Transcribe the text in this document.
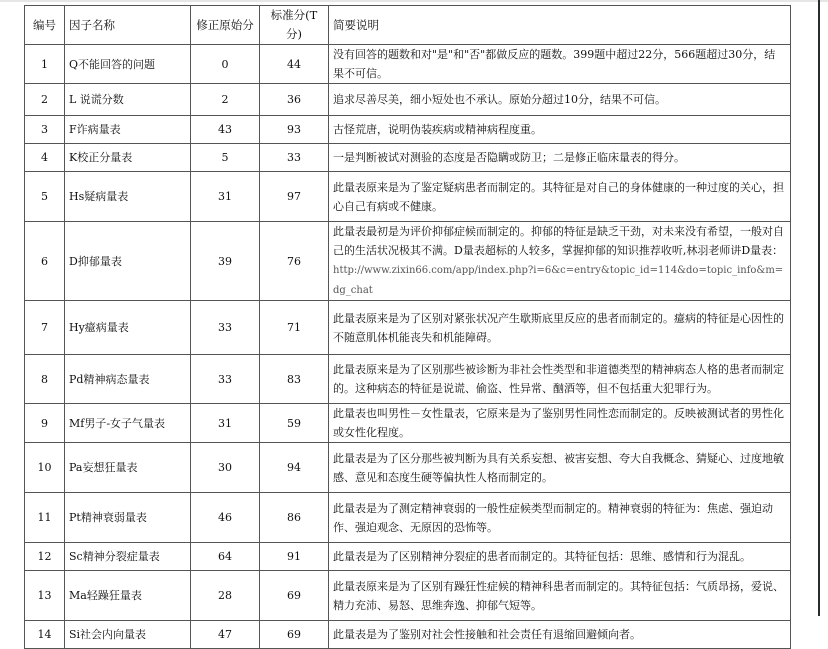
编号	因子名称	修正原始分	标准分(T分)	简要说明
1	Q不能回答的问题	0	44	没有回答的题数和对"是"和"否"都做反应的题数。399题中超过22分，566题超过30分，结果不可信。
2	L 说谎分数	2	36	追求尽善尽美，细小短处也不承认。原始分超过10分，结果不可信。
3	F诈病量表	43	93	古怪荒唐，说明伪装疾病或精神病程度重。
4	K校正分量表	5	33	一是判断被试对测验的态度是否隐瞒或防卫；二是修正临床量表的得分。
5	Hs疑病量表	31	97	此量表原来是为了鉴定疑病患者而制定的。其特征是对自己的身体健康的一种过度的关心，担心自己有病或不健康。
6	D抑郁量表	39	76	此量表最初是为评价抑郁症候而制定的。抑郁的特征是缺乏干劲，对未来没有希望，一般对自己的生活状况极其不满。D量表超标的人较多，掌握抑郁的知识推荐收听,林羽老师讲D量表：http://www.zixin66.com/app/index.php?i=6&c=entry&topic_id=114&do=topic_info&m=dg_chat
7	Hy癔病量表	33	71	此量表原来是为了区别对紧张状况产生歇斯底里反应的患者而制定的。癔病的特征是心因性的不随意肌体机能丧失和机能障碍。
8	Pd精神病态量表	33	83	此量表原来是为了区别那些被诊断为非社会性类型和非道德类型的精神病态人格的患者而制定的。这种病态的特征是说谎、偷盗、性异常、酗酒等，但不包括重大犯罪行为。
9	Mf男子-女子气量表	31	59	此量表也叫男性－女性量表，它原来是为了鉴别男性同性恋而制定的。反映被测试者的男性化或女性化程度。
10	Pa妄想狂量表	30	94	此量表是为了区分那些被判断为具有关系妄想、被害妄想、夸大自我概念、猜疑心、过度地敏感、意见和态度生硬等偏执性人格而制定的。
11	Pt精神衰弱量表	46	86	此量表是为了测定精神衰弱的一般性症候类型而制定的。精神衰弱的特征为：焦虑、强迫动作、强迫观念、无原因的恐怖等。
12	Sc精神分裂症量表	64	91	此量表是为了区别精神分裂症的患者而制定的。其特征包括：思维、感情和行为混乱。
13	Ma轻躁狂量表	28	69	此量表原来是为了区别有躁狂性症候的精神科患者而制定的。其特征包括：气质昂扬，爱说、精力充沛、易怒、思维奔逸、抑郁气短等。
14	Si社会内向量表	47	69	此量表是为了鉴别对社会性接触和社会责任有退缩回避倾向者。
